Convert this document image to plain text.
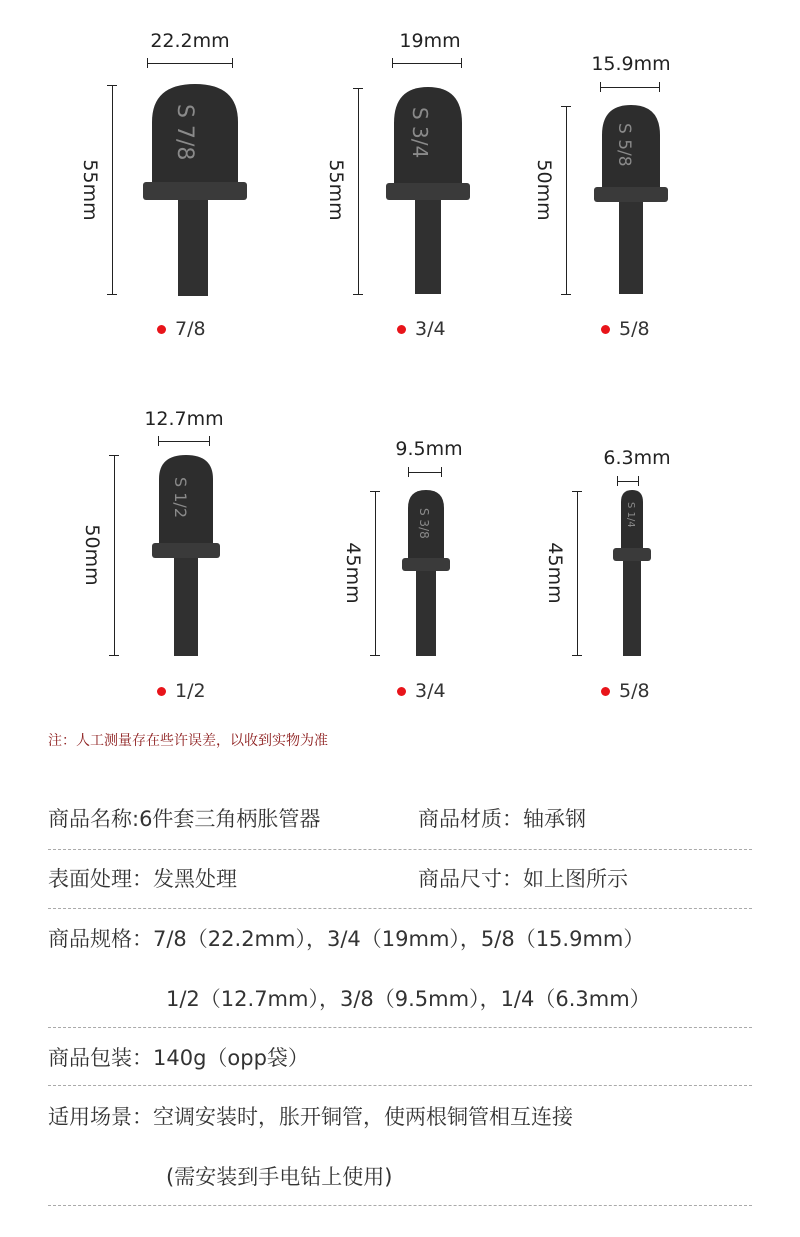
22.2mm
55mm
S 7/8
7/8
19mm
55mm
S 3/4
3/4
15.9mm
50mm
S 5/8
5/8
12.7mm
50mm
S 1/2
1/2
9.5mm
45mm
S 3/8
3/4
6.3mm
45mm
S 1/4
5/8
注：人工测量存在些许误差，以收到实物为准
商品名称:6件套三角柄胀管器	商品材质：轴承钢
表面处理：发黑处理	商品尺寸：如上图所示
商品规格：7/8（22.2mm），3/4（19mm），5/8（15.9mm）
1/2（12.7mm），3/8（9.5mm），1/4（6.3mm）
商品包装：140g（opp袋）
适用场景：空调安装时，胀开铜管，使两根铜管相互连接
(需安装到手电钻上使用)
